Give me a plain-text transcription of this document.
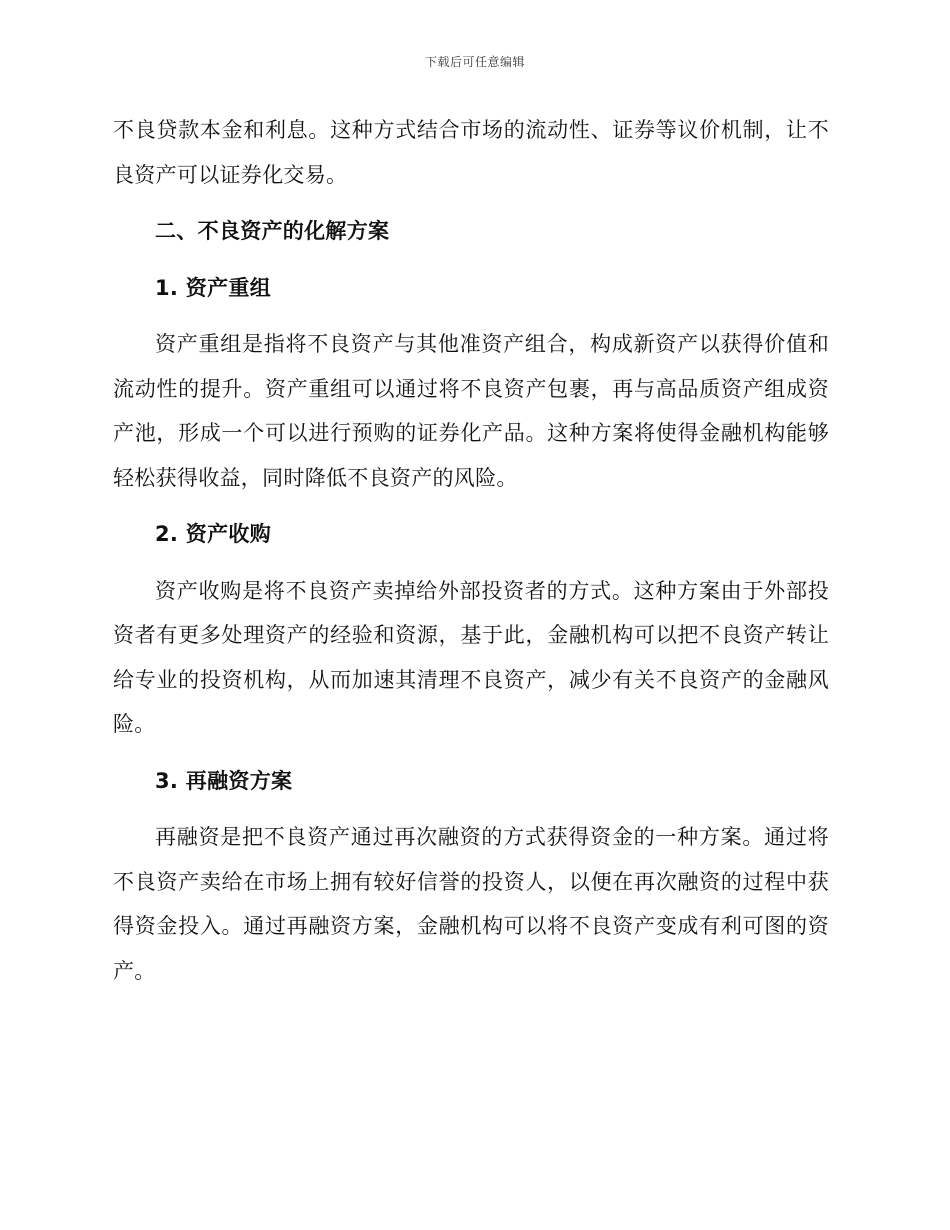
下载后可任意编辑

不良贷款本金和利息。这种方式结合市场的流动性、证券等议价机制，让不良资产可以证券化交易。

二、不良资产的化解方案
1. 资产重组

资产重组是指将不良资产与其他准资产组合，构成新资产以获得价值和流动性的提升。资产重组可以通过将不良资产包裹，再与高品质资产组成资产池，形成一个可以进行预购的证券化产品。这种方案将使得金融机构能够轻松获得收益，同时降低不良资产的风险。

2. 资产收购

资产收购是将不良资产卖掉给外部投资者的方式。这种方案由于外部投资者有更多处理资产的经验和资源，基于此，金融机构可以把不良资产转让给专业的投资机构，从而加速其清理不良资产，减少有关不良资产的金融风险。

3. 再融资方案

再融资是把不良资产通过再次融资的方式获得资金的一种方案。通过将不良资产卖给在市场上拥有较好信誉的投资人，以便在再次融资的过程中获得资金投入。通过再融资方案，金融机构可以将不良资产变成有利可图的资产。
